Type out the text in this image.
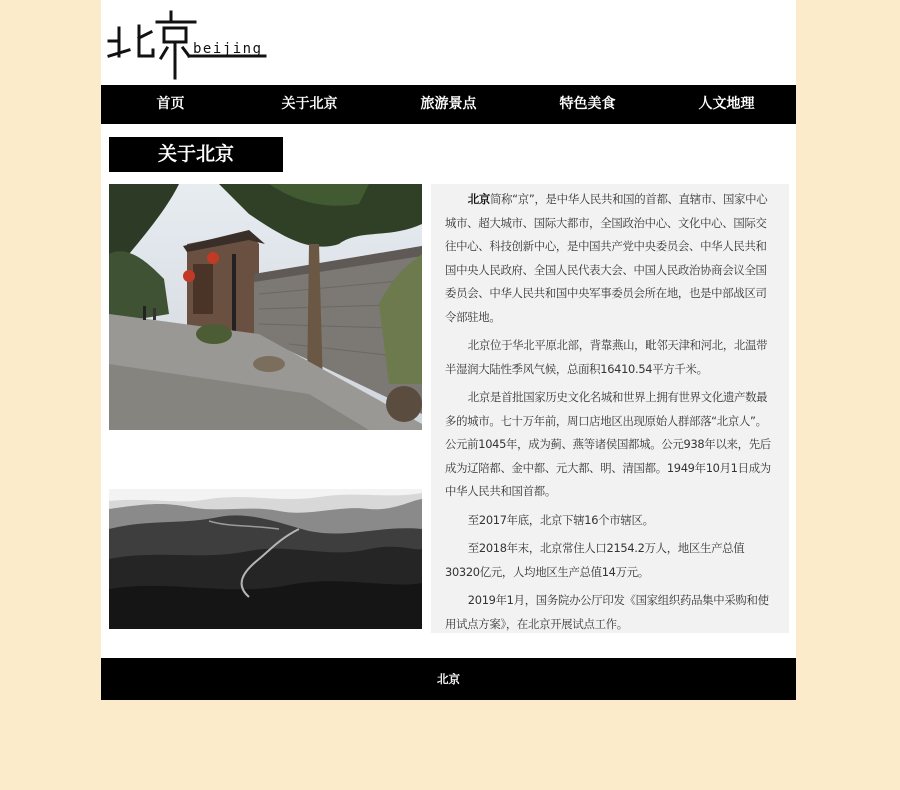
beijing
首页	关于北京	旅游景点	特色美食	人文地理
关于北京

北京简称“京”，是中华人民共和国的首都、直辖市、国家中心城市、超大城市、国际大都市，全国政治中心、文化中心、国际交往中心、科技创新中心，是中国共产党中央委员会、中华人民共和国中央人民政府、全国人民代表大会、中国人民政治协商会议全国委员会、中华人民共和国中央军事委员会所在地，也是中部战区司令部驻地。

北京位于华北平原北部，背靠燕山，毗邻天津和河北，北温带半湿润大陆性季风气候，总面积16410.54平方千米。

北京是首批国家历史文化名城和世界上拥有世界文化遗产数最多的城市。七十万年前，周口店地区出现原始人群部落“北京人”。公元前1045年，成为蓟、燕等诸侯国都城。公元938年以来，先后成为辽陪都、金中都、元大都、明、清国都。1949年10月1日成为中华人民共和国首都。

至2017年底，北京下辖16个市辖区。

至2018年末，北京常住人口2154.2万人，地区生产总值30320亿元，人均地区生产总值14万元。

2019年1月，国务院办公厅印发《国家组织药品集中采购和使用试点方案》，在北京开展试点工作。

北京
